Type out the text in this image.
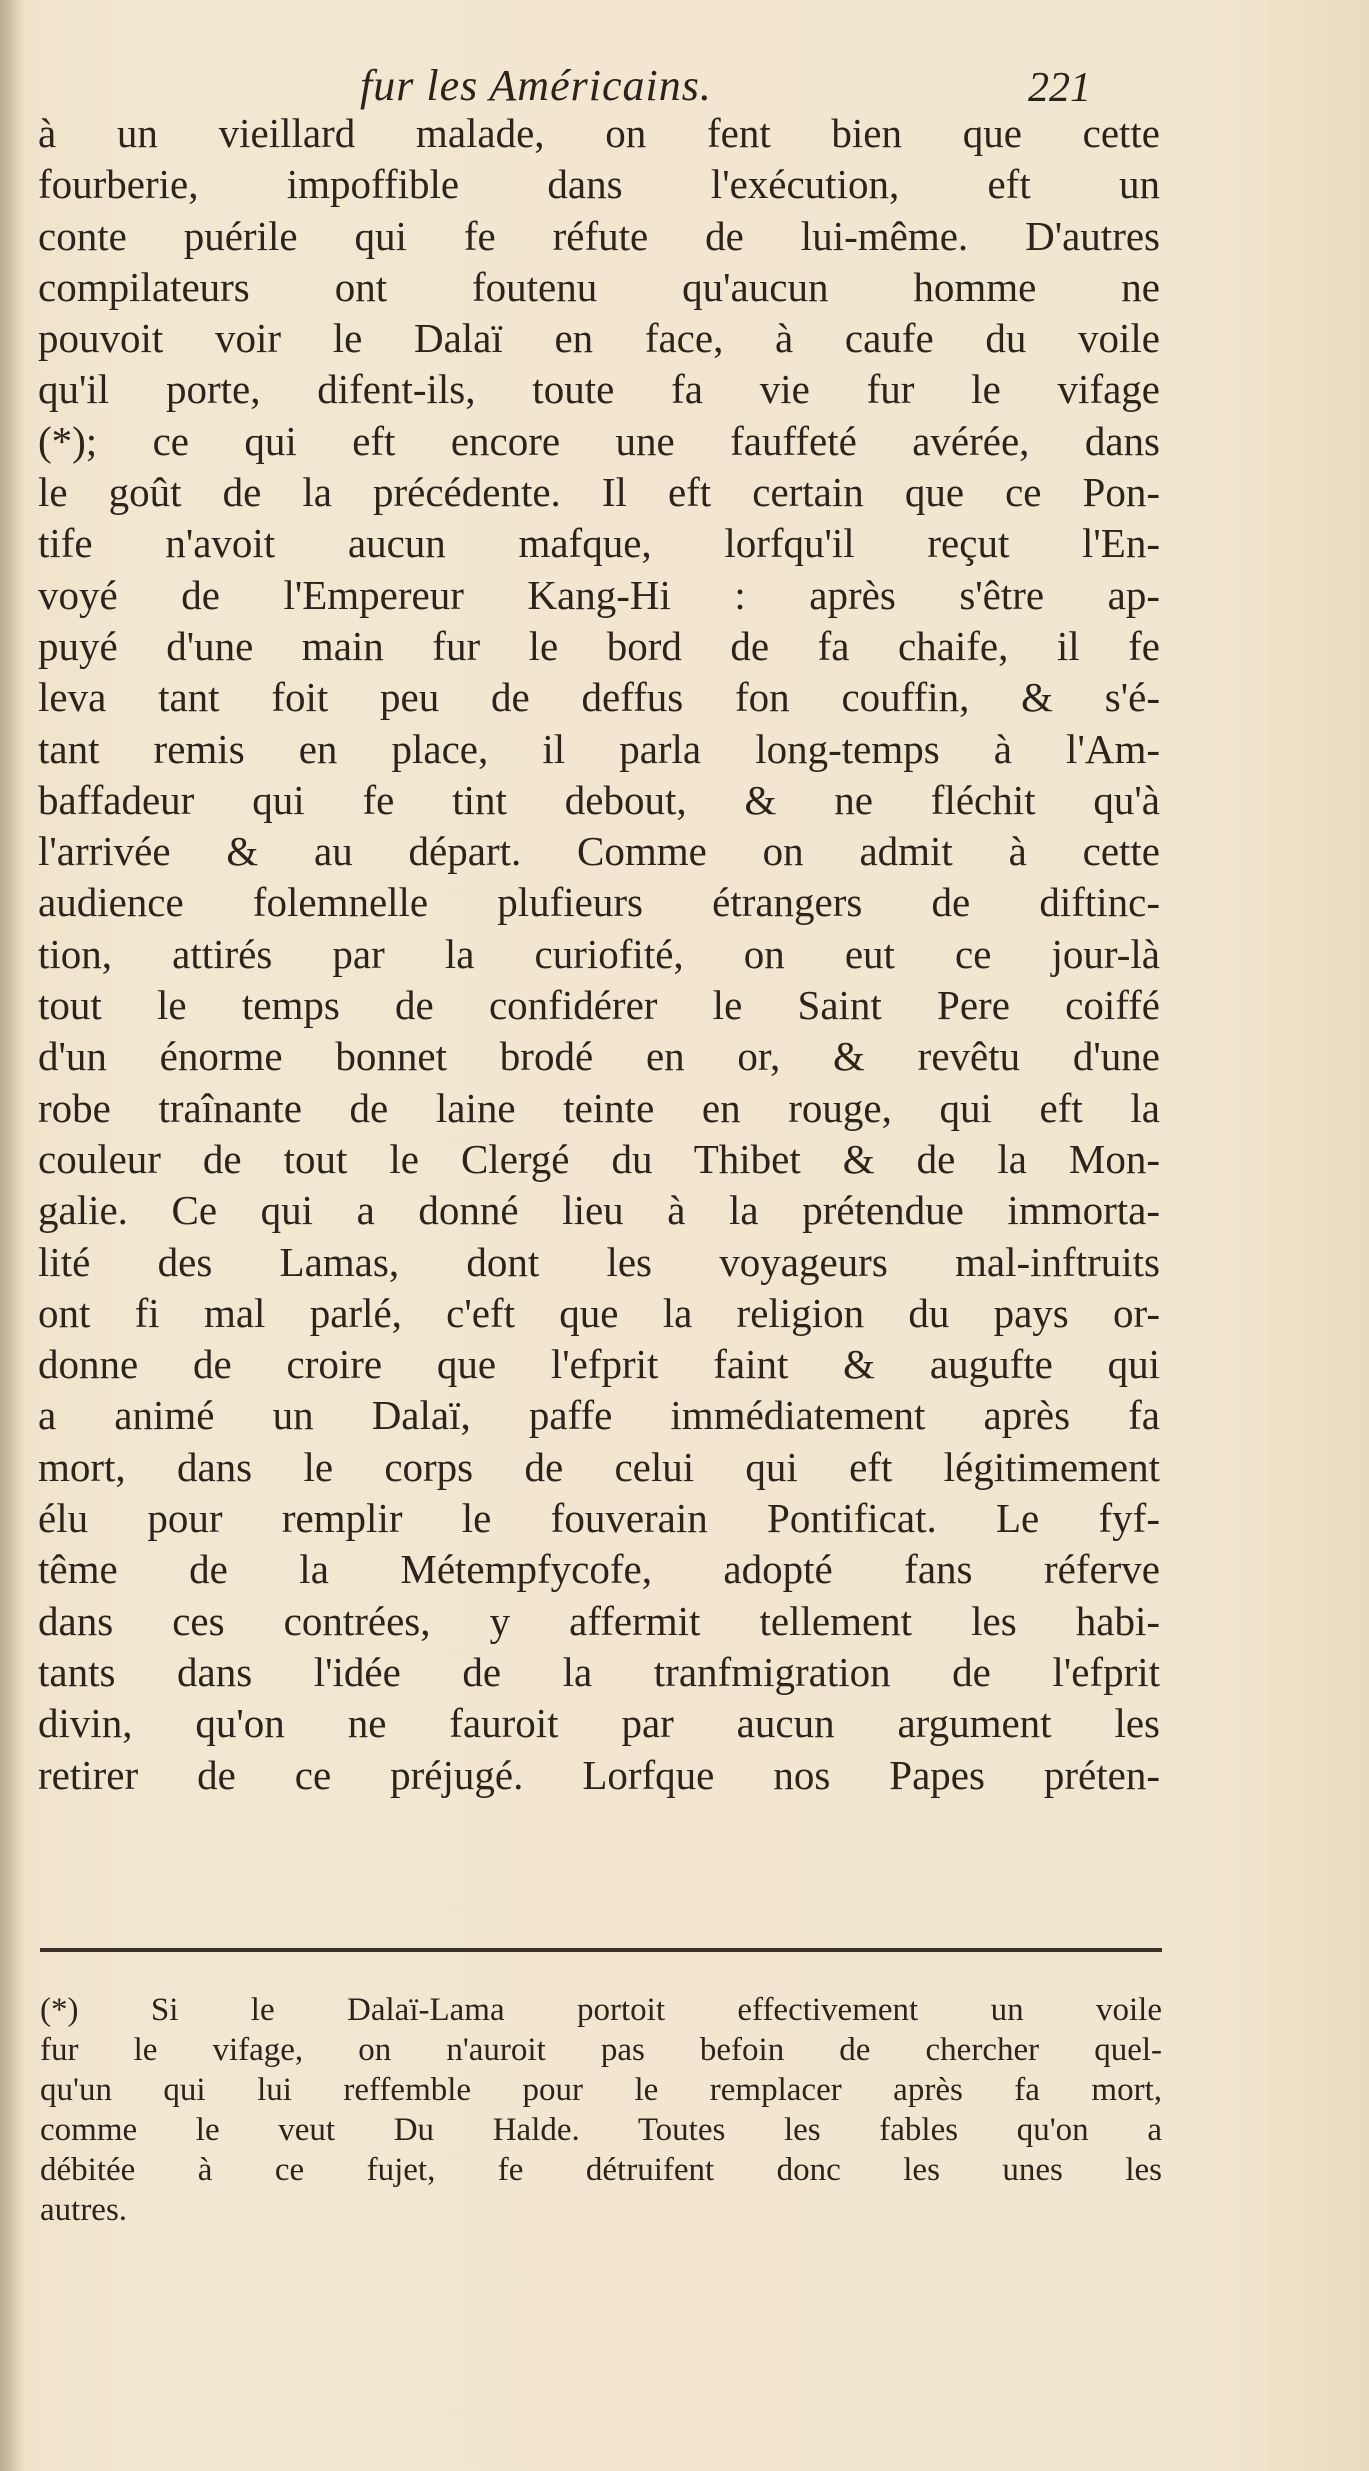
fur les Américains.	221
à un vieillard malade, on fent bien que cette
fourberie, impoffible dans l'exécution, eft un
conte puérile qui fe réfute de lui-même. D'autres
compilateurs ont foutenu qu'aucun homme ne
pouvoit voir le Dalaï en face, à caufe du voile
qu'il porte, difent-ils, toute fa vie fur le vifage
(*); ce qui eft encore une fauffeté avérée, dans
le goût de la précédente. Il eft certain que ce Pon-
tife n'avoit aucun mafque, lorfqu'il reçut l'En-
voyé de l'Empereur Kang-Hi : après s'être ap-
puyé d'une main fur le bord de fa chaife, il fe
leva tant foit peu de deffus fon couffin, & s'é-
tant remis en place, il parla long-temps à l'Am-
baffadeur qui fe tint debout, & ne fléchit qu'à
l'arrivée & au départ. Comme on admit à cette
audience folemnelle plufieurs étrangers de diftinc-
tion, attirés par la curiofité, on eut ce jour-là
tout le temps de confidérer le Saint Pere coiffé
d'un énorme bonnet brodé en or, & revêtu d'une
robe traînante de laine teinte en rouge, qui eft la
couleur de tout le Clergé du Thibet & de la Mon-
galie. Ce qui a donné lieu à la prétendue immorta-
lité des Lamas, dont les voyageurs mal-inftruits
ont fi mal parlé, c'eft que la religion du pays or-
donne de croire que l'efprit faint & augufte qui
a animé un Dalaï, paffe immédiatement après fa
mort, dans le corps de celui qui eft légitimement
élu pour remplir le fouverain Pontificat. Le fyf-
tême de la Métempfycofe, adopté fans réferve
dans ces contrées, y affermit tellement les habi-
tants dans l'idée de la tranfmigration de l'efprit
divin, qu'on ne fauroit par aucun argument les
retirer de ce préjugé. Lorfque nos Papes préten-
(*) Si le Dalaï-Lama portoit effectivement un voile
fur le vifage, on n'auroit pas befoin de chercher quel-
qu'un qui lui reffemble pour le remplacer après fa mort,
comme le veut Du Halde. Toutes les fables qu'on a
débitée à ce fujet, fe détruifent donc les unes les
autres.
